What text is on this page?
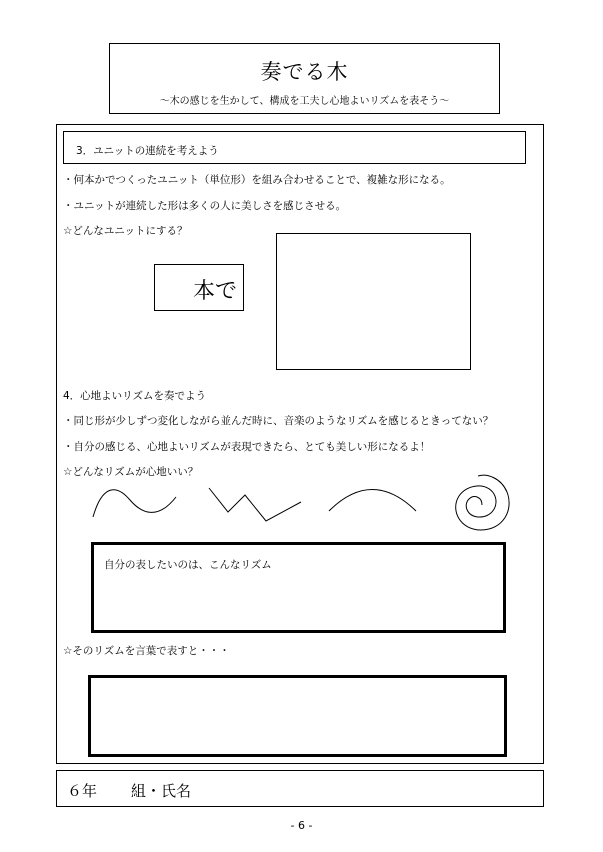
奏でる木
～木の感じを生かして、構成を工夫し心地よいリズムを表そう～
3．ユニットの連続を考えよう
・何本かでつくったユニット（単位形）を組み合わせることで、複雑な形になる。
・ユニットが連続した形は多くの人に美しさを感じさせる。
☆どんなユニットにする？
本で
4．心地よいリズムを奏でよう
・同じ形が少しずつ変化しながら並んだ時に、音楽のようなリズムを感じるときってない？
・自分の感じる、心地よいリズムが表現できたら、とても美しい形になるよ！
☆どんなリズムが心地いい？
自分の表したいのは、こんなリズム
☆そのリズムを言葉で表すと・・・
６年 組・氏名
- 6 -
